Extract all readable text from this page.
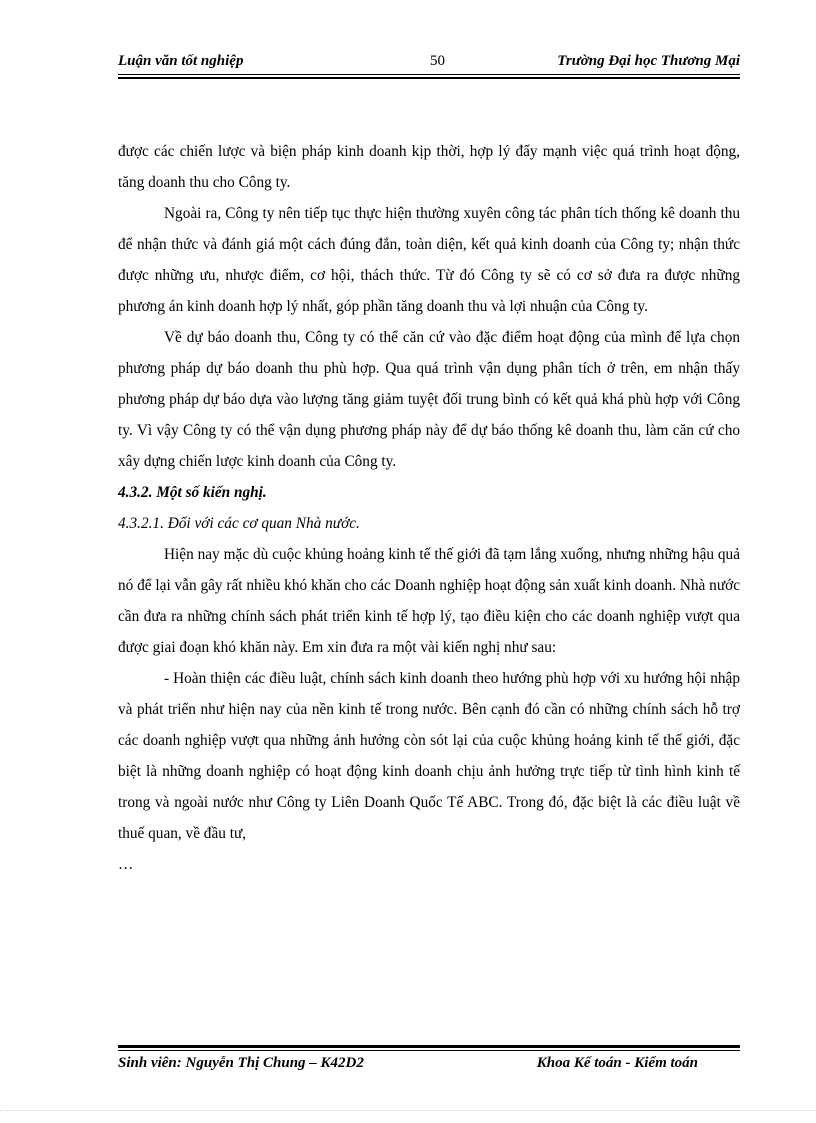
Luận văn tốt nghiệp	50	Trường Đại học Thương Mại

được các chiến lược và biện pháp kinh doanh kịp thời, hợp lý đẩy mạnh việc quá trình hoạt động, tăng doanh thu cho Công ty.

Ngoài ra, Công ty nên tiếp tục thực hiện thường xuyên công tác phân tích thống kê doanh thu để nhận thức và đánh giá một cách đúng đắn, toàn diện, kết quả kinh doanh của Công ty; nhận thức được những ưu, nhược điểm, cơ hội, thách thức. Từ đó Công ty sẽ có cơ sở đưa ra được những phương án kinh doanh hợp lý nhất, góp phần tăng doanh thu và lợi nhuận của Công ty.

Về dự báo doanh thu, Công ty có thể căn cứ vào đặc điểm hoạt động của mình để lựa chọn phương pháp dự báo doanh thu phù hợp. Qua quá trình vận dụng phân tích ở trên, em nhận thấy phương pháp dự báo dựa vào lượng tăng giảm tuyệt đối trung bình có kết quả khá phù hợp với Công ty. Vì vậy Công ty có thể vận dụng phương pháp này để dự báo thống kê doanh thu, làm căn cứ cho xây dựng chiến lược kinh doanh của Công ty.

4.3.2. Một số kiến nghị.

4.3.2.1. Đối với các cơ quan Nhà nước.

Hiện nay mặc dù cuộc khủng hoảng kinh tế thế giới đã tạm lắng xuống, nhưng những hậu quả nó để lại vẫn gây rất nhiều khó khăn cho các Doanh nghiệp hoạt động sản xuất kinh doanh. Nhà nước cần đưa ra những chính sách phát triển kinh tế hợp lý, tạo điều kiện cho các doanh nghiệp vượt qua được giai đoạn khó khăn này. Em xin đưa ra một vài kiến nghị như sau:

- Hoàn thiện các điều luật, chính sách kinh doanh theo hướng phù hợp với xu hướng hội nhập và phát triển như hiện nay của nền kinh tế trong nước. Bên cạnh đó cần có những chính sách hỗ trợ các doanh nghiệp vượt qua những ảnh hưởng còn sót lại của cuộc khủng hoảng kinh tế thế giới, đặc biệt là những doanh nghiệp có hoạt động kinh doanh chịu ảnh hưởng trực tiếp từ tình hình kinh tế trong và ngoài nước như Công ty Liên Doanh Quốc Tế ABC. Trong đó, đặc biệt là các điều luật về thuế quan, về đầu tư,

…

Sinh viên: Nguyễn Thị Chung – K42D2	Khoa Kế toán - Kiểm toán
